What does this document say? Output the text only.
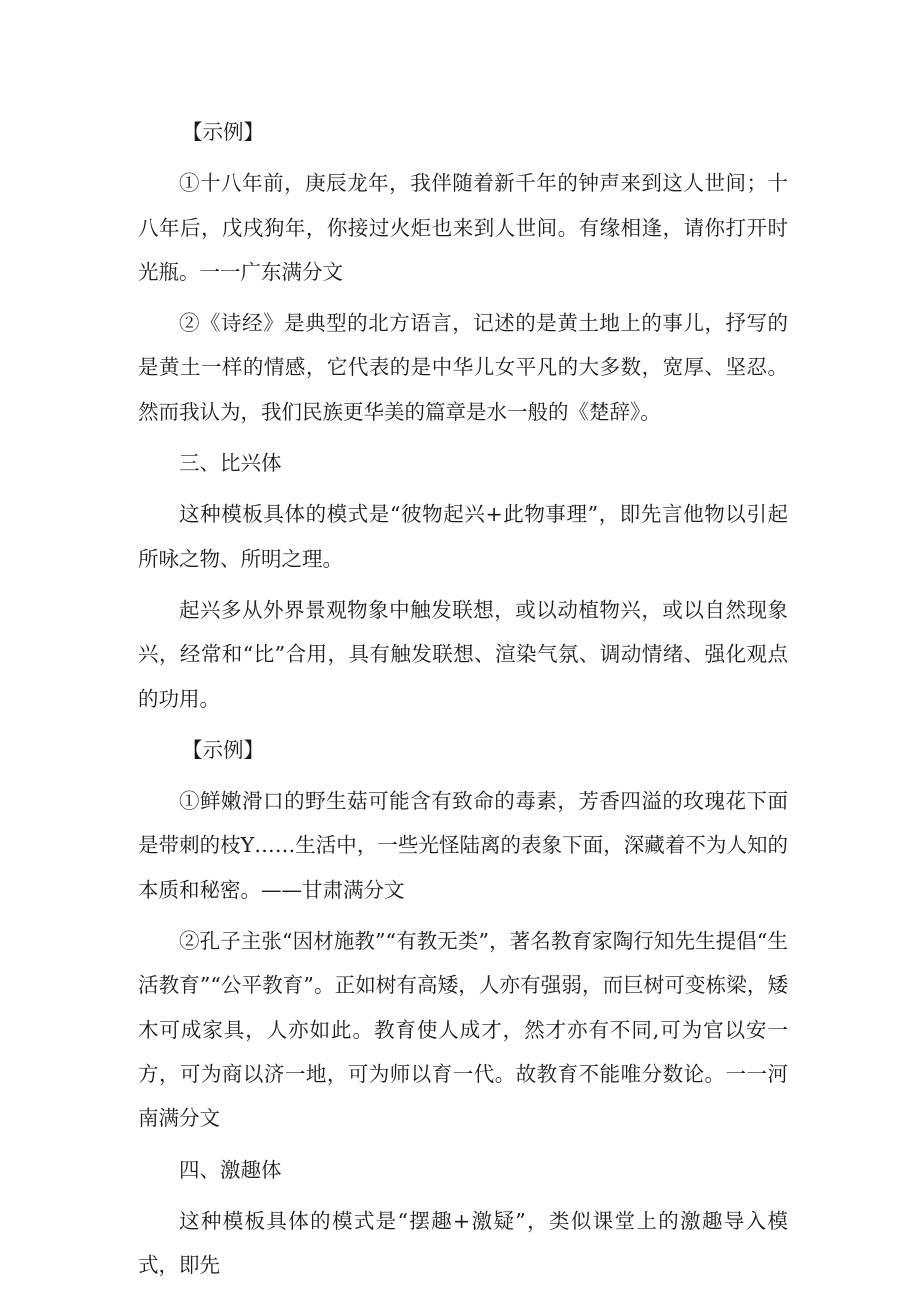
【示例】

①十八年前，庚辰龙年，我伴随着新千年的钟声来到这人世间；十八年后，戊戌狗年，你接过火炬也来到人世间。有缘相逢，请你打开时光瓶。一一广东满分文

②《诗经》是典型的北方语言，记述的是黄土地上的事儿，抒写的是黄土一样的情感，它代表的是中华儿女平凡的大多数，宽厚、坚忍。然而我认为，我们民族更华美的篇章是水一般的《楚辞》。

三、比兴体

这种模板具体的模式是“彼物起兴+此物事理”，即先言他物以引起所咏之物、所明之理。

起兴多从外界景观物象中触发联想，或以动植物兴，或以自然现象兴，经常和“比”合用，具有触发联想、渲染气氛、调动情绪、强化观点的功用。

【示例】

①鲜嫩滑口的野生菇可能含有致命的毒素，芳香四溢的玫瑰花下面是带刺的枝Y……生活中，一些光怪陆离的表象下面，深藏着不为人知的本质和秘密。——甘肃满分文

②孔子主张“因材施教”“有教无类”，著名教育家陶行知先生提倡“生活教育”“公平教育”。正如树有高矮，人亦有强弱，而巨树可变栋梁，矮木可成家具，人亦如此。教育使人成才，然才亦有不同,可为官以安一方，可为商以济一地，可为师以育一代。故教育不能唯分数论。一一河南满分文

四、激趣体

这种模板具体的模式是“摆趣+激疑”，类似课堂上的激趣导入模式，即先
